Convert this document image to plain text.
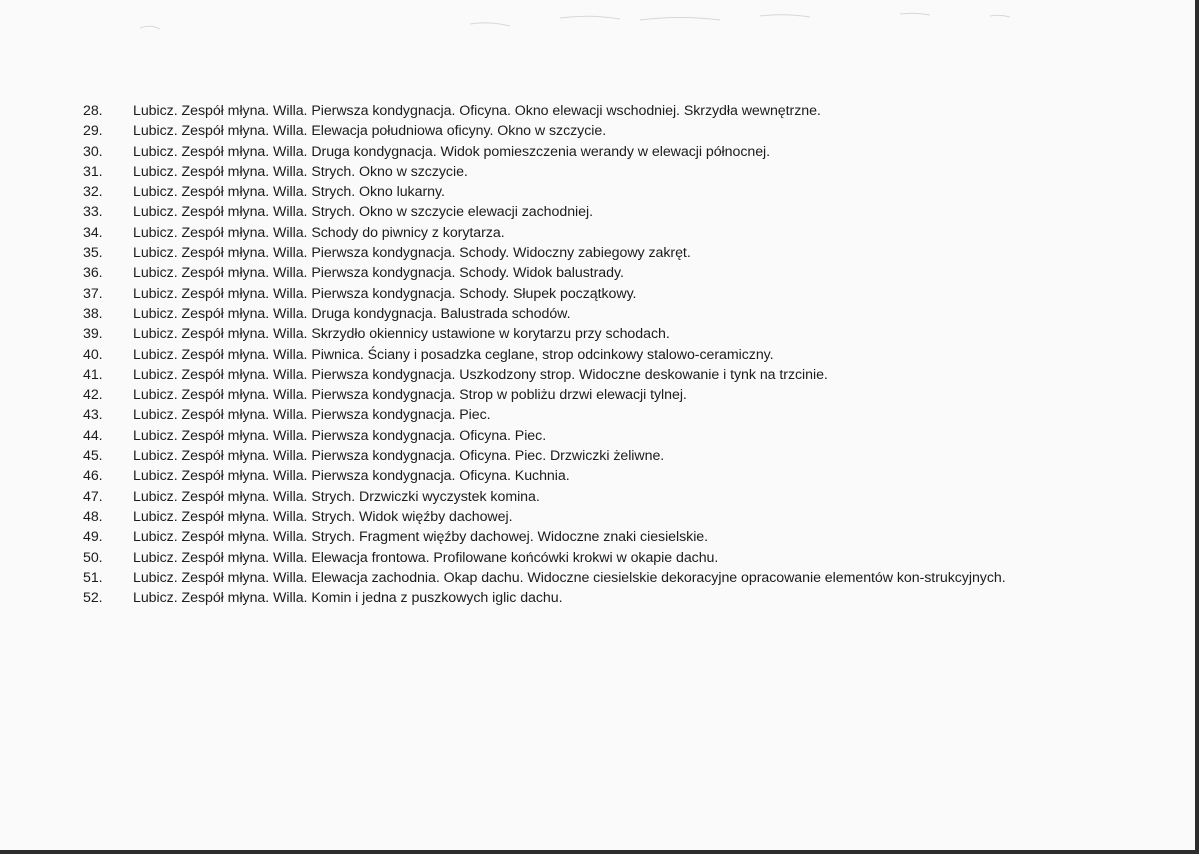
28.	Lubicz. Zespół młyna. Willa. Pierwsza kondygnacja. Oficyna. Okno elewacji wschodniej. Skrzydła wewnętrzne.
29.	Lubicz. Zespół młyna. Willa. Elewacja południowa oficyny. Okno w szczycie.
30.	Lubicz. Zespół młyna. Willa. Druga kondygnacja. Widok pomieszczenia werandy w elewacji północnej.
31.	Lubicz. Zespół młyna. Willa. Strych. Okno w szczycie.
32.	Lubicz. Zespół młyna. Willa. Strych. Okno lukarny.
33.	Lubicz. Zespół młyna. Willa. Strych. Okno w szczycie elewacji zachodniej.
34.	Lubicz. Zespół młyna. Willa. Schody do piwnicy z korytarza.
35.	Lubicz. Zespół młyna. Willa. Pierwsza kondygnacja. Schody. Widoczny zabiegowy zakręt.
36.	Lubicz. Zespół młyna. Willa. Pierwsza kondygnacja. Schody. Widok balustrady.
37.	Lubicz. Zespół młyna. Willa. Pierwsza kondygnacja. Schody. Słupek początkowy.
38.	Lubicz. Zespół młyna. Willa. Druga kondygnacja. Balustrada schodów.
39.	Lubicz. Zespół młyna. Willa. Skrzydło okiennicy ustawione w korytarzu przy schodach.
40.	Lubicz. Zespół młyna. Willa. Piwnica. Ściany i posadzka ceglane, strop odcinkowy stalowo-ceramiczny.
41.	Lubicz. Zespół młyna. Willa. Pierwsza kondygnacja. Uszkodzony strop. Widoczne deskowanie i tynk na trzcinie.
42.	Lubicz. Zespół młyna. Willa. Pierwsza kondygnacja. Strop w pobliżu drzwi elewacji tylnej.
43.	Lubicz. Zespół młyna. Willa. Pierwsza kondygnacja. Piec.
44.	Lubicz. Zespół młyna. Willa. Pierwsza kondygnacja. Oficyna. Piec.
45.	Lubicz. Zespół młyna. Willa. Pierwsza kondygnacja. Oficyna. Piec. Drzwiczki żeliwne.
46.	Lubicz. Zespół młyna. Willa. Pierwsza kondygnacja. Oficyna. Kuchnia.
47.	Lubicz. Zespół młyna. Willa. Strych. Drzwiczki wyczystek komina.
48.	Lubicz. Zespół młyna. Willa. Strych. Widok więźby dachowej.
49.	Lubicz. Zespół młyna. Willa. Strych. Fragment więźby dachowej. Widoczne znaki ciesielskie.
50.	Lubicz. Zespół młyna. Willa. Elewacja frontowa. Profilowane końcówki krokwi w okapie dachu.
51.	Lubicz. Zespół młyna. Willa. Elewacja zachodnia. Okap dachu. Widoczne ciesielskie dekoracyjne opracowanie elementów kon-strukcyjnych.
52.	Lubicz. Zespół młyna. Willa. Komin i jedna z puszkowych iglic dachu.
